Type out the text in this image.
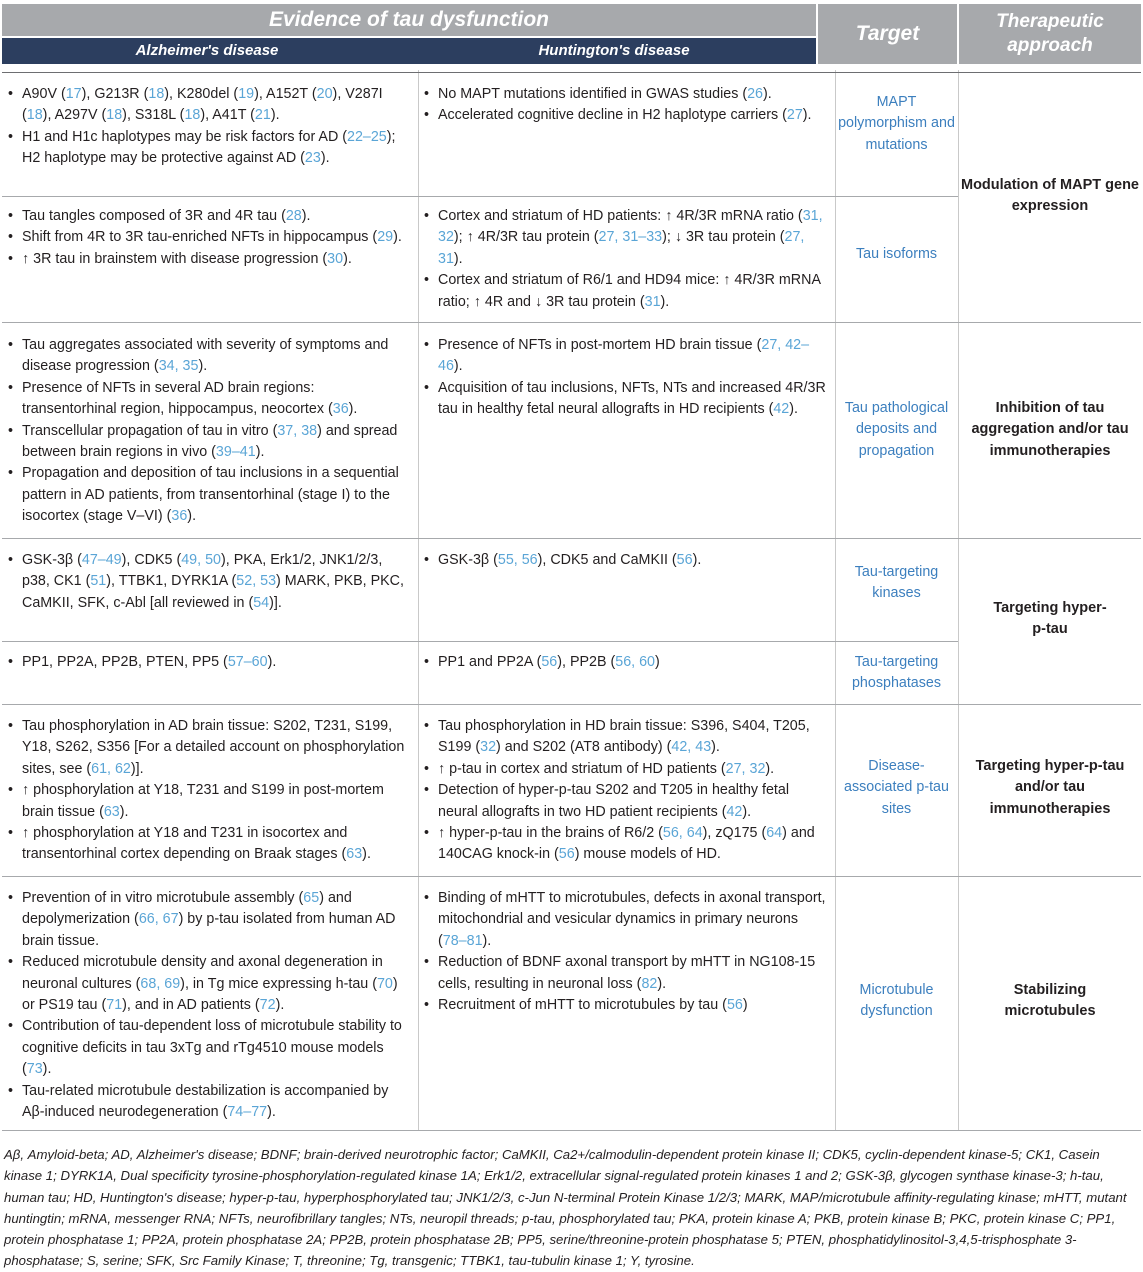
Evidence of tau dysfunction
Alzheimer's disease	Huntington's disease
Target
Therapeutic approach
• A90V (17), G213R (18), K280del (19), A152T (20), V287I (18), A297V (18), S318L (18), A41T (21).
• H1 and H1c haplotypes may be risk factors for AD (22–25); H2 haplotype may be protective against AD (23).
• No MAPT mutations identified in GWAS studies (26).
• Accelerated cognitive decline in H2 haplotype carriers (27).
MAPT polymorphism and mutations
• Tau tangles composed of 3R and 4R tau (28).
• Shift from 4R to 3R tau-enriched NFTs in hippocampus (29).
• ↑ 3R tau in brainstem with disease progression (30).
• Cortex and striatum of HD patients: ↑ 4R/3R mRNA ratio (31, 32); ↑ 4R/3R tau protein (27, 31–33); ↓ 3R tau protein (27, 31).
• Cortex and striatum of R6/1 and HD94 mice: ↑ 4R/3R mRNA ratio; ↑ 4R and ↓ 3R tau protein (31).
Tau isoforms
Modulation of MAPT gene expression
• Tau aggregates associated with severity of symptoms and disease progression (34, 35).
• Presence of NFTs in several AD brain regions: transentorhinal region, hippocampus, neocortex (36).
• Transcellular propagation of tau in vitro (37, 38) and spread between brain regions in vivo (39–41).
• Propagation and deposition of tau inclusions in a sequential pattern in AD patients, from transentorhinal (stage I) to the isocortex (stage V–VI) (36).
• Presence of NFTs in post-mortem HD brain tissue (27, 42–46).
• Acquisition of tau inclusions, NFTs, NTs and increased 4R/3R tau in healthy fetal neural allografts in HD recipients (42).	Tau pathological deposits and propagation
Inhibition of tau aggregation and/or tau immunotherapies
• GSK-3β (47–49), CDK5 (49, 50), PKA, Erk1/2, JNK1/2/3, p38, CK1 (51), TTBK1, DYRK1A (52, 53) MARK, PKB, PKC, CaMKII, SFK, c-Abl [all reviewed in (54)].
• GSK-3β (55, 56), CDK5 and CaMKII (56).
Tau-targeting kinases
• PP1, PP2A, PP2B, PTEN, PP5 (57–60).
•	PP1 and PP2A (56), PP2B (56, 60)	Tau-targeting phosphatases
Targeting hyper-p-tau
• Tau phosphorylation in AD brain tissue: S202, T231, S199, Y18, S262, S356 [For a detailed account on phosphorylation sites, see (61, 62)].
• ↑ phosphorylation at Y18, T231 and S199 in post-mortem brain tissue (63).
• ↑ phosphorylation at Y18 and T231 in isocortex and transentorhinal cortex depending on Braak stages (63).
• Tau phosphorylation in HD brain tissue: S396, S404, T205, S199 (32) and S202 (AT8 antibody) (42, 43).
• ↑ p-tau in cortex and striatum of HD patients (27, 32).
• Detection of hyper-p-tau S202 and T205 in healthy fetal neural allografts in two HD patient recipients (42).
• ↑ hyper-p-tau in the brains of R6/2 (56, 64), zQ175 (64) and 140CAG knock-in (56) mouse models of HD.
Disease-associated p-tau sites
Targeting hyper-p-tau and/or tau immunotherapies
• Prevention of in vitro microtubule assembly (65) and depolymerization (66, 67) by p-tau isolated from human AD brain tissue.
• Reduced microtubule density and axonal degeneration in neuronal cultures (68, 69), in Tg mice expressing h-tau (70) or PS19 tau (71), and in AD patients (72).
• Contribution of tau-dependent loss of microtubule stability to cognitive deficits in tau 3xTg and rTg4510 mouse models (73).
• Tau-related microtubule destabilization is accompanied by Aβ-induced neurodegeneration (74–77).
• Binding of mHTT to microtubules, defects in axonal transport, mitochondrial and vesicular dynamics in primary neurons (78–81).
• Reduction of BDNF axonal transport by mHTT in NG108-15 cells, resulting in neuronal loss (82).
• Recruitment of mHTT to microtubules by tau (56)
Microtubule dysfunction
Stabilizing microtubules
Aβ, Amyloid-beta; AD, Alzheimer's disease; BDNF; brain-derived neurotrophic factor; CaMKII, Ca2+/calmodulin-dependent protein kinase II; CDK5, cyclin-dependent kinase-5; CK1, Casein kinase 1; DYRK1A, Dual specificity tyrosine-phosphorylation-regulated kinase 1A; Erk1/2, extracellular signal-regulated protein kinases 1 and 2; GSK-3β, glycogen synthase kinase-3; h-tau, human tau; HD, Huntington's disease; hyper-p-tau, hyperphosphorylated tau; JNK1/2/3, c-Jun N-terminal Protein Kinase 1/2/3; MARK, MAP/microtubule affinity-regulating kinase; mHTT, mutant huntingtin; mRNA, messenger RNA; NFTs, neurofibrillary tangles; NTs, neuropil threads; p-tau, phosphorylated tau; PKA, protein kinase A; PKB, protein kinase B; PKC, protein kinase C; PP1, protein phosphatase 1; PP2A, protein phosphatase 2A; PP2B, protein phosphatase 2B; PP5, serine/threonine-protein phosphatase 5; PTEN, phosphatidylinositol-3,4,5-trisphosphate 3-phosphatase; S, serine; SFK, Src Family Kinase; T, threonine; Tg, transgenic; TTBK1, tau-tubulin kinase 1; Y, tyrosine.
